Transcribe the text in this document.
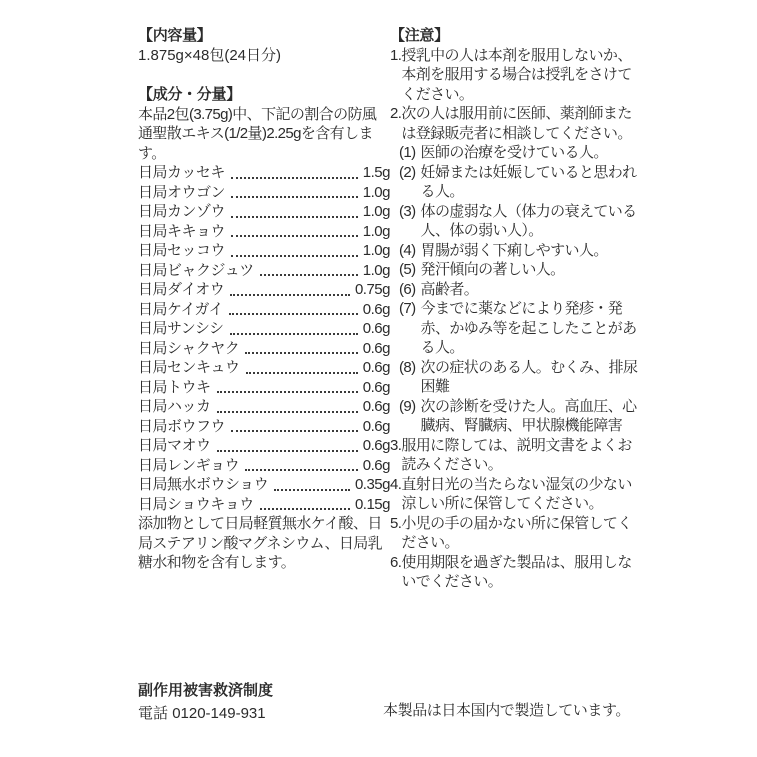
【内容量】
1.875g×48包(24日分)
【成分・分量】
本品2包(3.75g)中、下記の割合の防風通聖散エキス(1/2量)2.25gを含有します。
日局カッセキ	1.5g
日局オウゴン	1.0g
日局カンゾウ	1.0g
日局キキョウ	1.0g
日局セッコウ	1.0g
日局ビャクジュツ	1.0g
日局ダイオウ	0.75g
日局ケイガイ	0.6g
日局サンシシ	0.6g
日局シャクヤク	0.6g
日局センキュウ	0.6g
日局トウキ	0.6g
日局ハッカ	0.6g
日局ボウフウ	0.6g
日局マオウ	0.6g
日局レンギョウ	0.6g
日局無水ボウショウ	0.35g
日局ショウキョウ	0.15g
添加物として日局軽質無水ケイ酸、日局ステアリン酸マグネシウム、日局乳糖水和物を含有します。
【注意】
1. 授乳中の人は本剤を服用しないか、本剤を服用する場合は授乳をさけてください。
2. 次の人は服用前に医師、薬剤師または登録販売者に相談してください。
(1) 医師の治療を受けている人。
(2) 妊婦または妊娠していると思われる人。
(3) 体の虚弱な人（体力の衰えている人、体の弱い人）。
(4) 胃腸が弱く下痢しやすい人。
(5) 発汗傾向の著しい人。
(6) 高齢者。
(7) 今までに薬などにより発疹・発赤、かゆみ等を起こしたことがある人。
(8) 次の症状のある人。むくみ、排尿困難
(9) 次の診断を受けた人。高血圧、心臓病、腎臓病、甲状腺機能障害
3. 服用に際しては、説明文書をよくお読みください。
4. 直射日光の当たらない湿気の少ない涼しい所に保管してください。
5. 小児の手の届かない所に保管してください。
6. 使用期限を過ぎた製品は、服用しないでください。
副作用被害救済制度
電話 0120-149-931	本製品は日本国内で製造しています。
